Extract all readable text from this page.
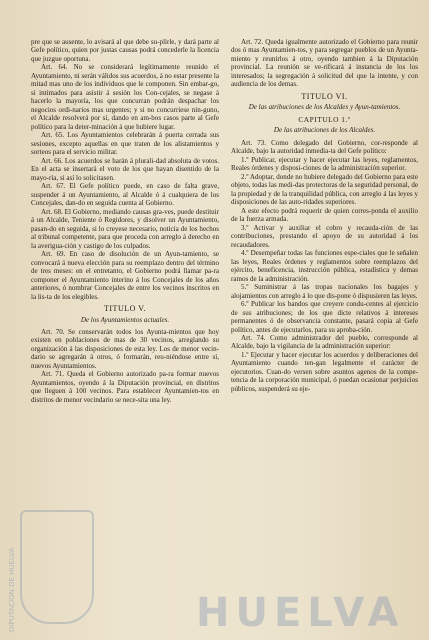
DIPUTACIÓN DE HUELVA	HUELVA

pre que se ausente, lo avisará al que debe su-plirle, y dará parte al Gefe político, quien por justas causas podrá concederle la licencia que juzgue oportuna.

Art. 64. No se considerará legítimamente reunido el Ayuntamiento, ni serán válidos sus acuerdos, á no estar presente la mitad mas uno de los individuos que le componen. Sin embar-go, si intimados para asistir á sesión los Con-cejales, se negase á hacerlo la mayoría, los que concurran podrán despachar los negocios ordi-narios mas urgentes; y si no concurriese nin-guno, el Alcalde resolverá por sí, dando en am-bos casos parte al Gefe político para la deter-minación á que hubiere lugar.

Art. 65. Los Ayuntamientos celebrarán á puerta cerrada sus sesiones, excepto aquellas en que traten de los alistamientos y sorteos para el servicio militar.

Art. 66. Los acuerdos se harán á plurali-dad absoluta de votos. En el acta se insertará el voto de los que hayan disentido de la mayo-ría, si así lo solicitasen.

Art. 67. El Gefe político puede, en caso de falta grave, suspender á un Ayuntamiento, al Alcalde ó á cualquiera de los Concejales, dan-do en seguida cuenta al Gobierno.

Art. 68. El Gobierno, mediando causas gra-ves, puede destituir á un Alcalde, Teniente ó Regidores, y disolver un Ayuntamiento, pasan-do en seguida, si lo creyese necesario, noticia de los hechos al tribunal competente, para que proceda con arreglo á derecho en la averigua-ción y castigo de los culpados.

Art. 69. En caso de disolución de un Ayun-tamiento, se convocará á nueva elección para su reemplazo dentro del término de tres meses: en el entretanto, el Gobierno podrá llamar pa-ra componer el Ayuntamiento interino á los Concejales de los años anteriores, ó nombrar Concejales de entre los vecinos inscritos en la lis-ta de los elegibles.

TITULO V.
De los Ayuntamientos actuales.

Art. 70. Se conservarán todos los Ayunta-mientos que hoy existen en poblaciones de mas de 30 vecinos, arreglando su organización á las disposiciones de esta ley. Los de menor vecin-dario se agregarán á otros, ó formarán, reu-niéndose entre sí, nuevos Ayuntamientos.

Art. 71. Queda el Gobierno autorizado pa-ra formar nuevos Ayuntamientos, oyendo á la Diputación provincial, en distritos que lleguen á 100 vecinos. Para establecer Ayuntamien-tos en distritos de menor vecindario se nece-sita una ley.

Art. 72. Queda igualmente autorizado el Gobierno para reunir dos ó mas Ayuntamien-tos, y para segregar pueblos de un Ayunta-miento y reunirlos á otro, oyendo tambien á la Diputación provincial. La reunión se ve-rificará á instancia de los los interesados; la segregación á solicitud del que la intente, y con audiencia de los demas.

TITULO VI.
De las atribuciones de los Alcaldes y Ayun-tamientos.
CAPITULO 1.º
De las atribuciones de los Alcaldes.

Art. 73. Como delegado del Gobierno, cor-responde al Alcalde, bajo la autoridad inmedia-ta del Gefe político:

1.º Publicar, ejecutar y hacer ejecutar las leyes, reglamentos, Reales órdenes y disposi-ciones de la administración superior.

2.º Adoptar, donde no hubiere delegado del Gobierno para este objeto, todas las medi-das protectoras de la seguridad personal, de la propiedad y de la tranquilidad pública, con arreglo á las leyes y disposiciones de las auto-ridades superiores.

A este efecto podrá requerir de quien corres-ponda el auxilio de la fuerza armada.

3.º Activar y auxiliar el cobro y recauda-ción de las contribuciones, prestando el apoyo de su autoridad á los recaudadores.

4.º Desempeñar todas las funciones espe-ciales que le señalen las leyes, Reales órdenes y reglamentos sobre reemplazos del ejército, beneficencia, instrucción pública, estadística y demas ramos de la administración.

5.º Suministrar á las tropas nacionales los bagajes y alojamientos con arreglo á lo que dis-pone ó dispusieren las leyes.

6.º Publicar los bandos que creyere condu-centes al ejercicio de sus atribuciones; de los que dicte relativos á intereses permanentes ó de observancia constante, pasará copia al Gefe político, antes de ejecutarlos, para su aproba-ción.

Art. 74. Como administrador del pueblo, corresponde al Alcalde, bajo la vigilancia de la administración superior:

1.º Ejecutar y hacer ejecutar los acuerdos y deliberaciones del Ayuntamiento cuando ten-gan legalmente el carácter de ejecutorios. Cuan-do versen sobre asuntos agenos de la compe-tencia de la corporación municipal, ó puedan ocasionar perjuicios públicos, suspenderá su eje-
